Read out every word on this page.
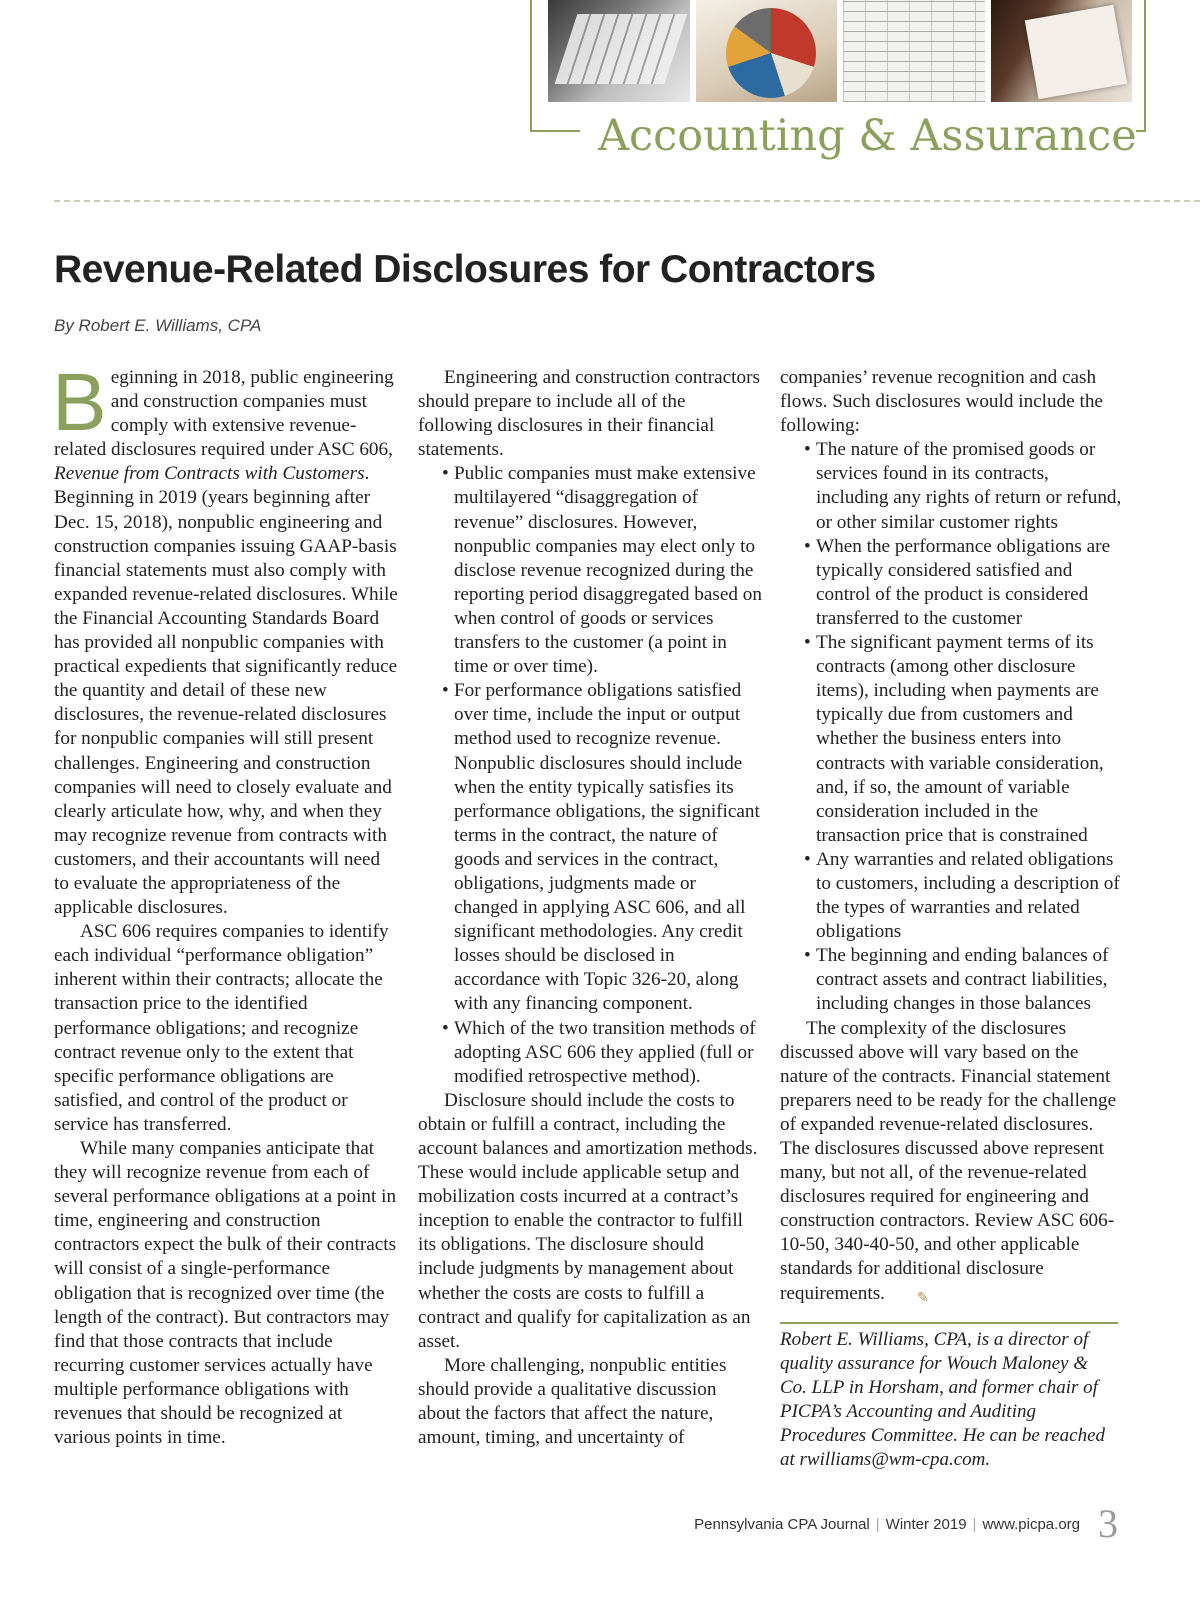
Accounting & Assurance
Revenue-Related Disclosures for Contractors
By Robert E. Williams, CPA

Beginning in 2018, public engineering and construction companies must comply with extensive revenue-related disclosures required under ASC 606, Revenue from Contracts with Customers. Beginning in 2019 (years beginning after Dec. 15, 2018), nonpublic engineering and construction companies issuing GAAP-basis financial statements must also comply with expanded revenue-related disclosures. While the Financial Accounting Standards Board has provided all nonpublic companies with practical expedients that significantly reduce the quantity and detail of these new disclosures, the revenue-related disclosures for nonpublic companies will still present challenges. Engineering and construction companies will need to closely evaluate and clearly articulate how, why, and when they may recognize revenue from contracts with customers, and their accountants will need to evaluate the appropriateness of the applicable disclosures.

ASC 606 requires companies to identify each individual “performance obligation” inherent within their contracts; allocate the transaction price to the identified performance obligations; and recognize contract revenue only to the extent that specific performance obligations are satisfied, and control of the product or service has transferred.

While many companies anticipate that they will recognize revenue from each of several performance obligations at a point in time, engineering and construction contractors expect the bulk of their contracts will consist of a single-performance obligation that is recognized over time (the length of the contract). But contractors may find that those contracts that include recurring customer services actually have multiple performance obligations with revenues that should be recognized at various points in time.

Engineering and construction contractors should prepare to include all of the following disclosures in their financial statements.

• Public companies must make extensive multilayered “disaggregation of revenue” disclosures. However, nonpublic companies may elect only to disclose revenue recognized during the reporting period disaggregated based on when control of goods or services transfers to the customer (a point in time or over time).
• For performance obligations satisfied over time, include the input or output method used to recognize revenue. Nonpublic disclosures should include when the entity typically satisfies its performance obligations, the significant terms in the contract, the nature of goods and services in the contract, obligations, judgments made or changed in applying ASC 606, and all significant methodologies. Any credit losses should be disclosed in accordance with Topic 326-20, along with any financing component.
• Which of the two transition methods of adopting ASC 606 they applied (full or modified retrospective method).

Disclosure should include the costs to obtain or fulfill a contract, including the account balances and amortization methods. These would include applicable setup and mobilization costs incurred at a contract’s inception to enable the contractor to fulfill its obligations. The disclosure should include judgments by management about whether the costs are costs to fulfill a contract and qualify for capitalization as an asset.

More challenging, nonpublic entities should provide a qualitative discussion about the factors that affect the nature, amount, timing, and uncertainty of

companies’ revenue recognition and cash flows. Such disclosures would include the following:

• The nature of the promised goods or services found in its contracts, including any rights of return or refund, or other similar customer rights
• When the performance obligations are typically considered satisfied and control of the product is considered transferred to the customer
• The significant payment terms of its contracts (among other disclosure items), including when payments are typically due from customers and whether the business enters into contracts with variable consideration, and, if so, the amount of variable consideration included in the transaction price that is constrained
• Any warranties and related obligations to customers, including a description of the types of warranties and related obligations
• The beginning and ending balances of contract assets and contract liabilities, including changes in those balances

The complexity of the disclosures discussed above will vary based on the nature of the contracts. Financial statement preparers need to be ready for the challenge of expanded revenue-related disclosures. The disclosures discussed above represent many, but not all, of the revenue-related disclosures required for engineering and construction contractors. Review ASC 606-10-50, 340-40-50, and other applicable standards for additional disclosure requirements. ✎

Robert E. Williams, CPA, is a director of quality assurance for Wouch Maloney & Co. LLP in Horsham, and former chair of PICPA’s Accounting and Auditing Procedures Committee. He can be reached at rwilliams@wm-cpa.com.
Pennsylvania CPA Journal | Winter 2019 | www.picpa.org 3
